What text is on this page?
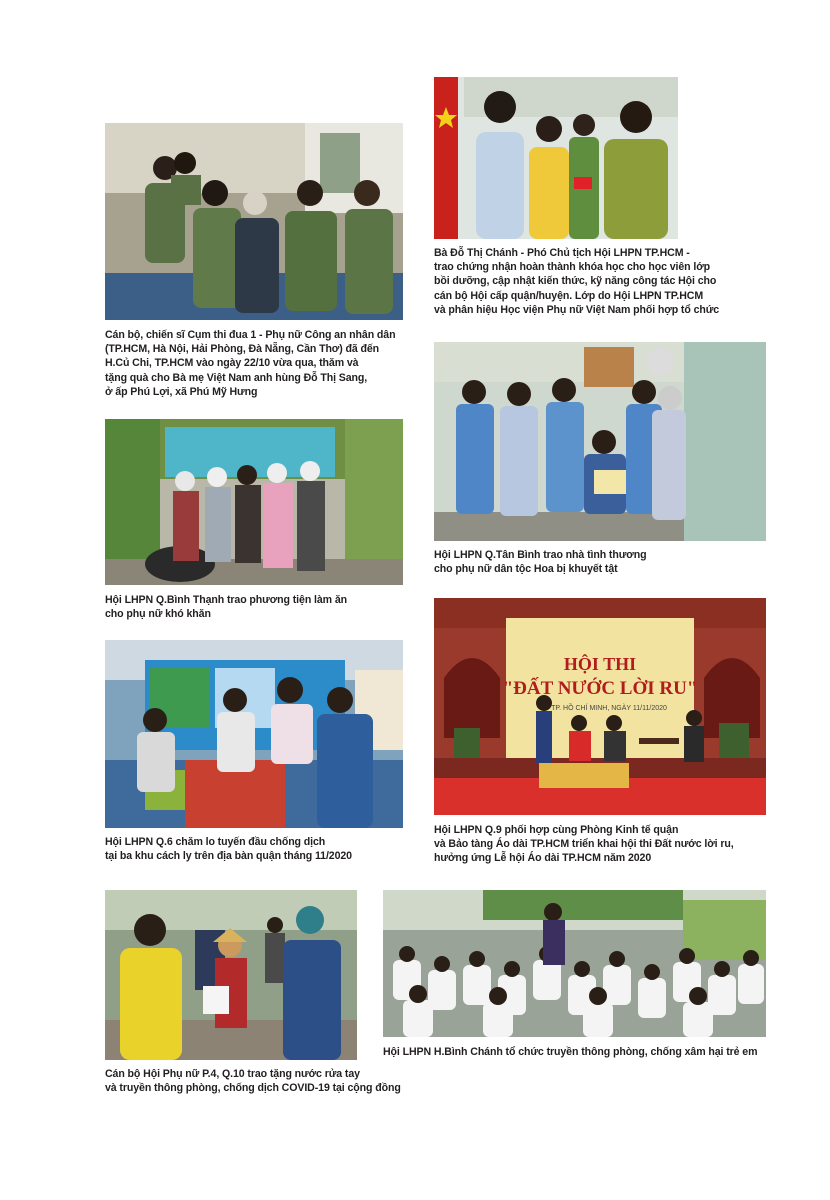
Cán bộ, chiến sĩ Cụm thi đua 1 - Phụ nữ Công an nhân dân
(TP.HCM, Hà Nội, Hải Phòng, Đà Nẵng, Cần Thơ) đã đến
H.Củ Chi, TP.HCM vào ngày 22/10 vừa qua, thăm và
tặng quà cho Bà mẹ Việt Nam anh hùng Đỗ Thị Sang,
ở ấp Phú Lợi, xã Phú Mỹ Hưng
Bà Đỗ Thị Chánh - Phó Chủ tịch Hội LHPN TP.HCM -
trao chứng nhận hoàn thành khóa học cho học viên lớp
bồi dưỡng, cập nhật kiến thức, kỹ năng công tác Hội cho
cán bộ Hội cấp quận/huyện. Lớp do Hội LHPN TP.HCM
và phân hiệu Học viện Phụ nữ Việt Nam phối hợp tổ chức
Hội LHPN Q.Bình Thạnh trao phương tiện làm ăn
cho phụ nữ khó khăn
Hội LHPN Q.Tân Bình trao nhà tình thương
cho phụ nữ dân tộc Hoa bị khuyết tật
Hội LHPN Q.6 chăm lo tuyến đầu chống dịch
tại ba khu cách ly trên địa bàn quận tháng 11/2020
HỘI THI
"ĐẤT NƯỚC LỜI RU"
TP. HỒ CHÍ MINH, NGÀY 11/11/2020
Hội LHPN Q.9 phối hợp cùng Phòng Kinh tế quận
và Bảo tàng Áo dài TP.HCM triển khai hội thi Đất nước lời ru,
hưởng ứng Lễ hội Áo dài TP.HCM năm 2020
Cán bộ Hội Phụ nữ P.4, Q.10 trao tặng nước rửa tay
và truyền thông phòng, chống dịch COVID-19 tại cộng đồng
Hội LHPN H.Bình Chánh tổ chức truyền thông phòng, chống xâm hại trẻ em
